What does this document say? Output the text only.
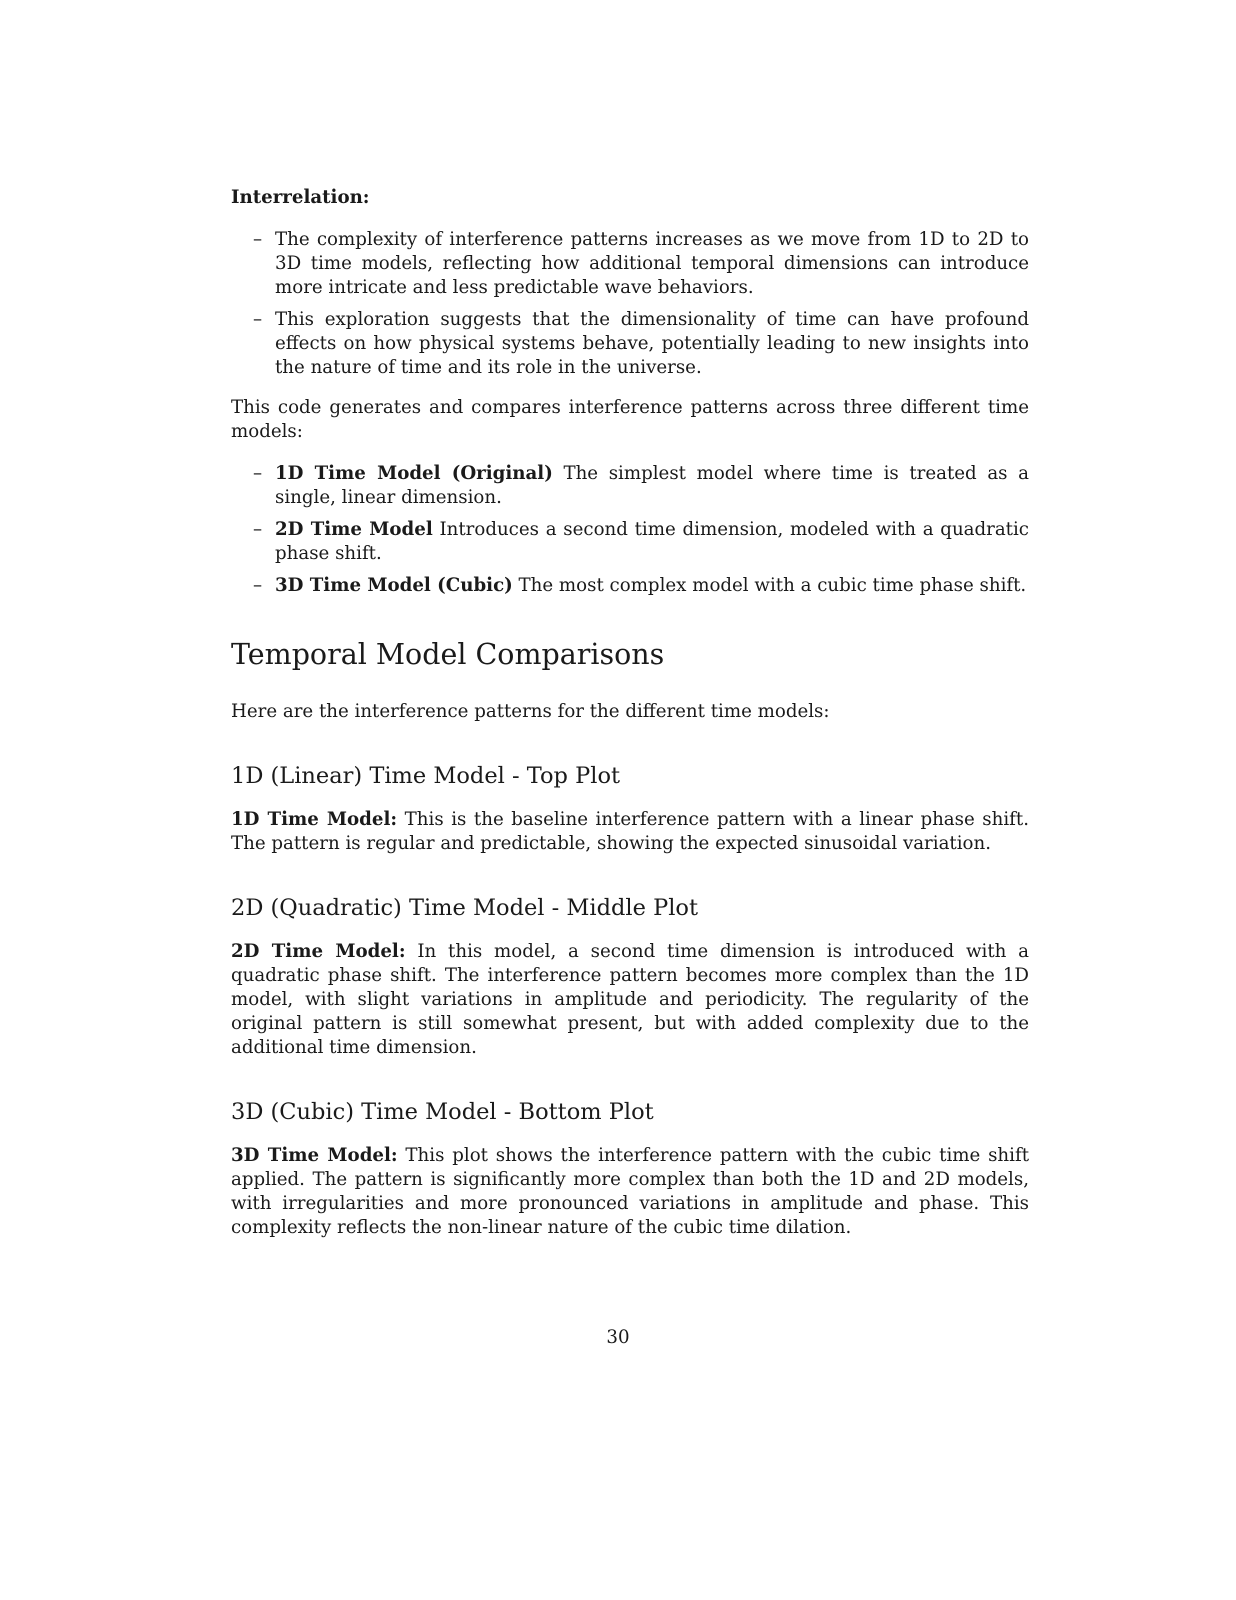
Interrelation:

– The complexity of interference patterns increases as we move from 1D to 2D to 3D time models, reflecting how additional temporal dimensions can introduce more intricate and less predictable wave behaviors.
– This exploration suggests that the dimensionality of time can have profound effects on how physical systems behave, potentially leading to new insights into the nature of time and its role in the universe.

This code generates and compares interference patterns across three different time models:

– 1D Time Model (Original) The simplest model where time is treated as a single, linear dimension.
– 2D Time Model Introduces a second time dimension, modeled with a quadratic phase shift.
– 3D Time Model (Cubic) The most complex model with a cubic time phase shift.
Temporal Model Comparisons

Here are the interference patterns for the different time models:

1D (Linear) Time Model - Top Plot

1D Time Model: This is the baseline interference pattern with a linear phase shift. The pattern is regular and predictable, showing the expected sinusoidal variation.

2D (Quadratic) Time Model - Middle Plot

2D Time Model: In this model, a second time dimension is introduced with a quadratic phase shift. The interference pattern becomes more complex than the 1D model, with slight variations in amplitude and periodicity. The regularity of the original pattern is still somewhat present, but with added complexity due to the additional time dimension.

3D (Cubic) Time Model - Bottom Plot

3D Time Model: This plot shows the interference pattern with the cubic time shift applied. The pattern is significantly more complex than both the 1D and 2D models, with irregularities and more pronounced variations in amplitude and phase. This complexity reflects the non-linear nature of the cubic time dilation.

30
